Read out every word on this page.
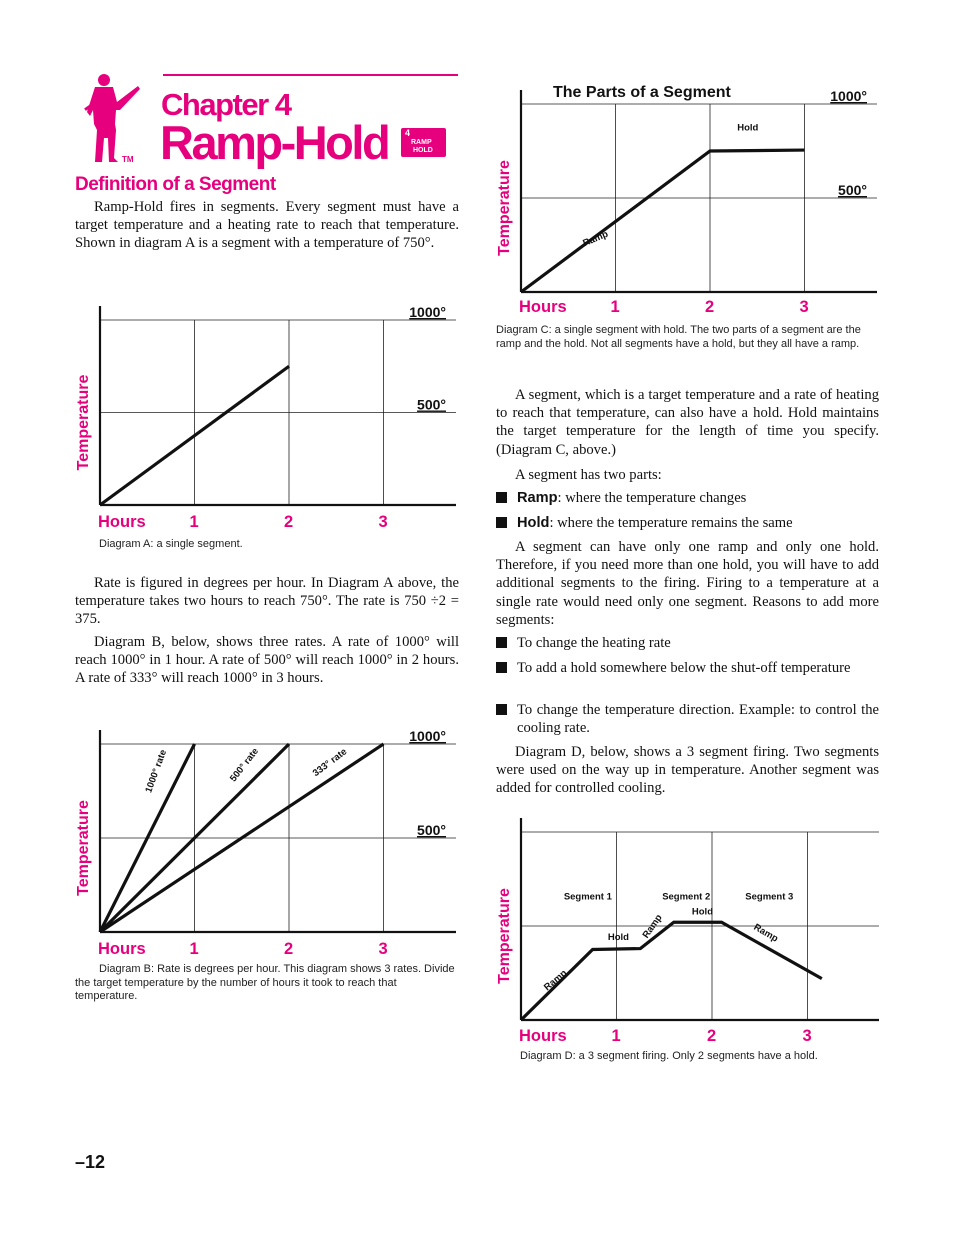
TM
Chapter 4
Ramp-Hold 4
RAMP
HOLD
Definition of a Segment

Ramp-Hold fires in segments. Every segment must have a target temperature and a heating rate to reach that temperature. Shown in diagram A is a segment with a temperature of 750°.

500°
1000°
Hours	1	2	3
Temperature
Diagram A: a single segment.

Rate is figured in degrees per hour. In Diagram A above, the temperature takes two hours to reach 750°. The rate is 750 ÷2 = 375.

Diagram B, below, shows three rates. A rate of 1000° will reach 1000° in 1 hour. A rate of 500° will reach 1000° in 2 hours. A rate of 333° will reach 1000° in 3 hours.

500°
1000°
Hours	1	2	3
Temperature
1000° rate	500° rate	333° rate
Diagram B: Rate is degrees per hour. This diagram shows 3 rates. Divide the target temperature by the number of hours it took to reach that temperature.
–12
500°
1000°
Hours	1	2	3
Temperature
The Parts of a Segment
Ramp
Hold
Diagram C: a single segment with hold. The two parts of a segment are the ramp and the hold. Not all segments have a hold, but they all have a ramp.

A segment, which is a target temperature and a rate of heating to reach that temperature, can also have a hold. Hold maintains the target temperature for the length of time you specify. (Diagram C, above.)

A segment has two parts:

Ramp: where the temperature changes
Hold: where the temperature remains the same

A segment can have only one ramp and only one hold. Therefore, if you need more than one hold, you will have to add additional segments to the firing. Firing to a temperature at a single rate would need only one segment. Reasons to add more segments:

To change the heating rate
To add a hold somewhere below the shut-off temperature
To change the temperature direction. Example: to control the cooling rate.

Diagram D, below, shows a 3 segment firing. Two segments were used on the way up in temperature. Another segment was added for controlled cooling.

Hours	1	2	3
Temperature	Segment 1	Segment 2	Segment 3
Hold
Hold
Ramp
Ramp	Ramp
Diagram D: a 3 segment firing. Only 2 segments have a hold.
